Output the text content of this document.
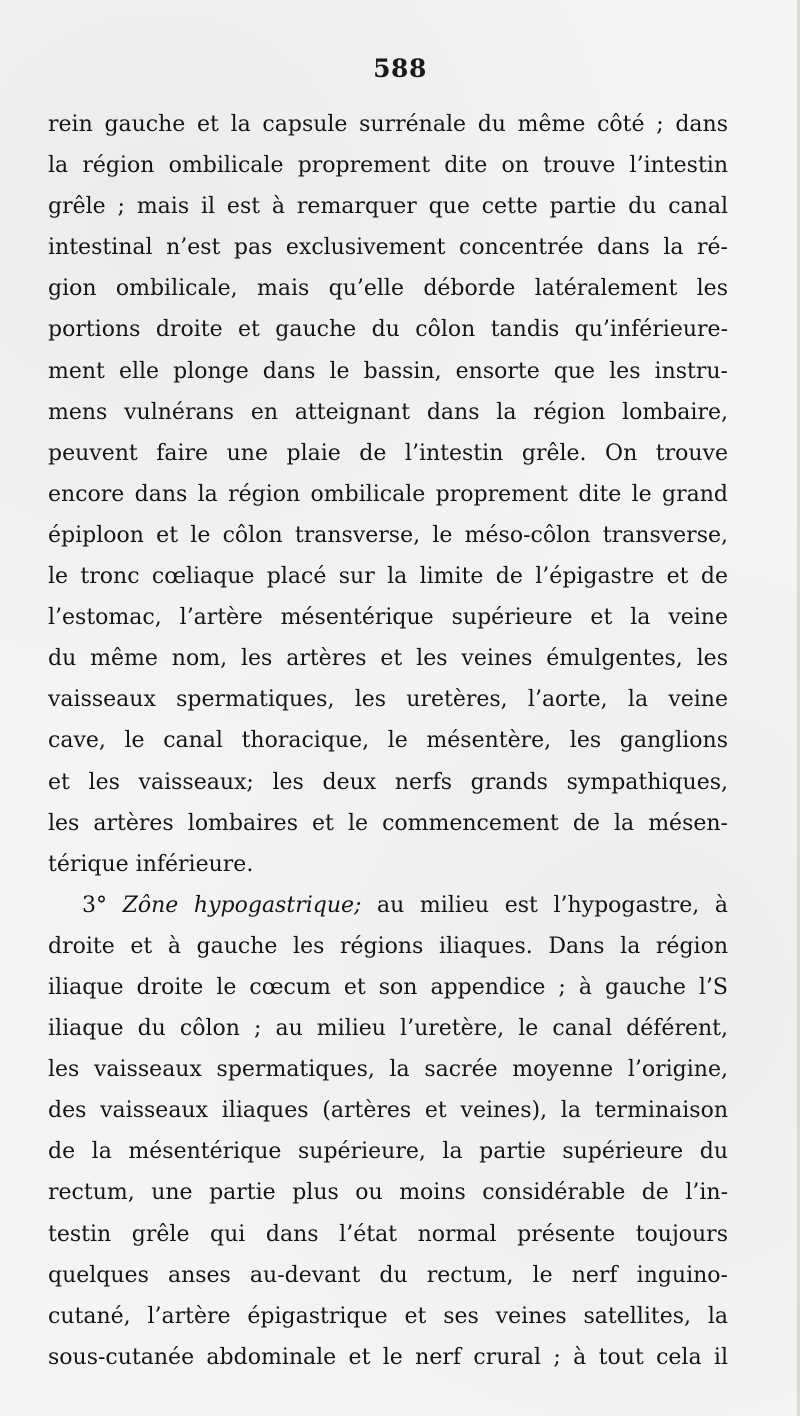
588
rein gauche et la capsule surrénale du même côté ; dans
la région ombilicale proprement dite on trouve l’intestin
grêle ; mais il est à remarquer que cette partie du canal
intestinal n’est pas exclusivement concentrée dans la ré-
gion ombilicale, mais qu’elle déborde latéralement les
portions droite et gauche du côlon tandis qu’inférieure-
ment elle plonge dans le bassin, ensorte que les instru-
mens vulnérans en atteignant dans la région lombaire,
peuvent faire une plaie de l’intestin grêle. On trouve
encore dans la région ombilicale proprement dite le grand
épiploon et le côlon transverse, le méso-côlon transverse,
le tronc cœliaque placé sur la limite de l’épigastre et de
l’estomac, l’artère mésentérique supérieure et la veine
du même nom, les artères et les veines émulgentes, les
vaisseaux spermatiques, les uretères, l’aorte, la veine
cave, le canal thoracique, le mésentère, les ganglions
et les vaisseaux; les deux nerfs grands sympathiques,
les artères lombaires et le commencement de la mésen-
térique inférieure.
3° Zône hypogastrique; au milieu est l’hypogastre, à
droite et à gauche les régions iliaques. Dans la région
iliaque droite le cœcum et son appendice ; à gauche l’S
iliaque du côlon ; au milieu l’uretère, le canal déférent,
les vaisseaux spermatiques, la sacrée moyenne l’origine,
des vaisseaux iliaques (artères et veines), la terminaison
de la mésentérique supérieure, la partie supérieure du
rectum, une partie plus ou moins considérable de l’in-
testin grêle qui dans l’état normal présente toujours
quelques anses au-devant du rectum, le nerf inguino-
cutané, l’artère épigastrique et ses veines satellites, la
sous-cutanée abdominale et le nerf crural ; à tout cela il
